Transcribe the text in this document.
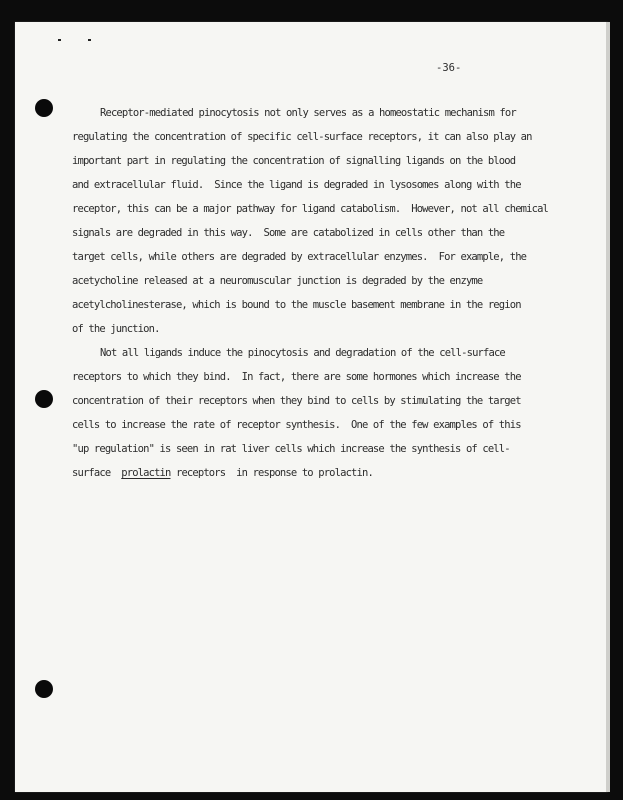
-36-
Receptor-mediated pinocytosis not only serves as a homeostatic mechanism for
regulating the concentration of specific cell-surface receptors, it can also play an
important part in regulating the concentration of signalling ligands on the blood
and extracellular fluid.  Since the ligand is degraded in lysosomes along with the
receptor, this can be a major pathway for ligand catabolism.  However, not all chemical
signals are degraded in this way.  Some are catabolized in cells other than the
target cells, while others are degraded by extracellular enzymes.  For example, the
acetycholine released at a neuromuscular junction is degraded by the enzyme
acetylcholinesterase, which is bound to the muscle basement membrane in the region
of the junction.
Not all ligands induce the pinocytosis and degradation of the cell-surface
receptors to which they bind.  In fact, there are some hormones which increase the
concentration of their receptors when they bind to cells by stimulating the target
cells to increase the rate of receptor synthesis.  One of the few examples of this
"up regulation" is seen in rat liver cells which increase the synthesis of cell-
surface  prolactin receptors  in response to prolactin.
